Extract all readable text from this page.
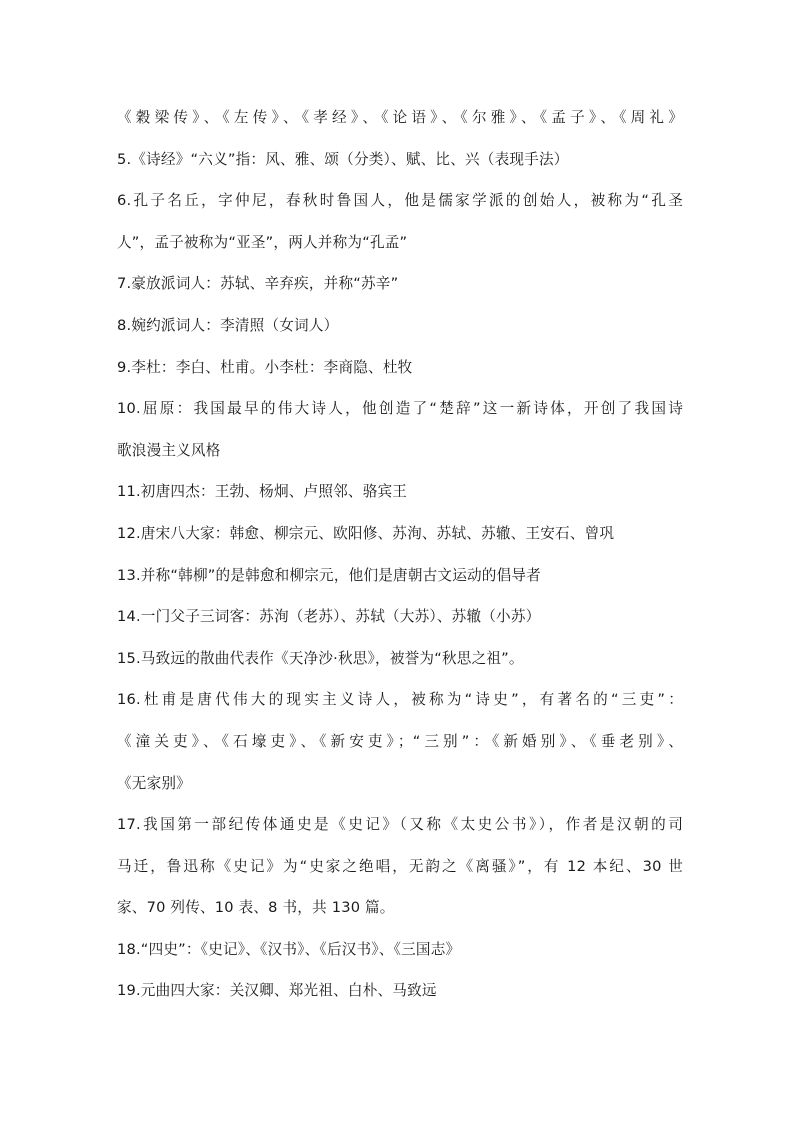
《穀梁传》、《左传》、《孝经》、《论语》、《尔雅》、《孟子》、《周礼》
5.《诗经》“六义”指：风、雅、颂（分类）、赋、比、兴（表现手法）
6.孔子名丘，字仲尼，春秋时鲁国人，他是儒家学派的创始人，被称为“孔圣
人”，孟子被称为“亚圣”，两人并称为“孔孟”
7.豪放派词人：苏轼、辛弃疾，并称“苏辛”
8.婉约派词人：李清照（女词人）
9.李杜：李白、杜甫。小李杜：李商隐、杜牧
10.屈原：我国最早的伟大诗人，他创造了“楚辞”这一新诗体，开创了我国诗
歌浪漫主义风格
11.初唐四杰：王勃、杨炯、卢照邻、骆宾王
12.唐宋八大家：韩愈、柳宗元、欧阳修、苏洵、苏轼、苏辙、王安石、曾巩
13.并称“韩柳”的是韩愈和柳宗元，他们是唐朝古文运动的倡导者
14.一门父子三词客：苏洵（老苏）、苏轼（大苏）、苏辙（小苏）
15.马致远的散曲代表作《天净沙·秋思》，被誉为“秋思之祖”。
16.杜甫是唐代伟大的现实主义诗人，被称为“诗史”，有著名的“三吏”：
《潼关吏》、《石壕吏》、《新安吏》；“三别”：《新婚别》、《垂老别》、
《无家别》
17.我国第一部纪传体通史是《史记》（又称《太史公书》），作者是汉朝的司
马迁，鲁迅称《史记》为“史家之绝唱，无韵之《离骚》”，有 12 本纪、30 世
家、70 列传、10 表、8 书，共 130 篇。
18.“四史”：《史记》、《汉书》、《后汉书》、《三国志》
19.元曲四大家：关汉卿、郑光祖、白朴、马致远
